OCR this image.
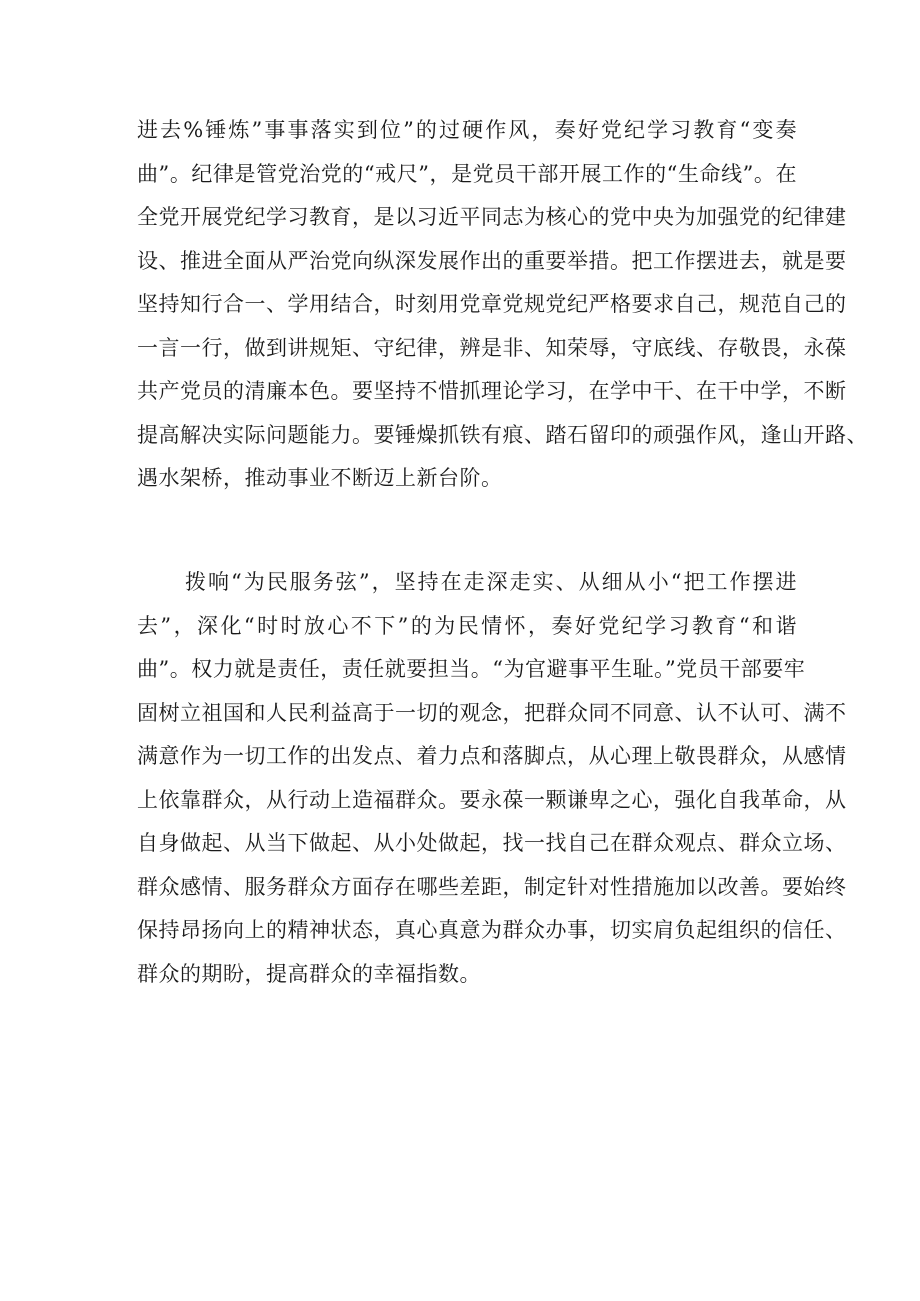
进去%锤炼”事事落实到位”的过硬作风，奏好党纪学习教育“变奏
曲”。纪律是管党治党的“戒尺”，是党员干部开展工作的“生命线”。在
全党开展党纪学习教育，是以习近平同志为核心的党中央为加强党的纪律建
设、推进全面从严治党向纵深发展作出的重要举措。把工作摆进去，就是要
坚持知行合一、学用结合，时刻用党章党规党纪严格要求自己，规范自己的
一言一行，做到讲规矩、守纪律，辨是非、知荣辱，守底线、存敬畏，永葆
共产党员的清廉本色。要坚持不惜抓理论学习，在学中干、在干中学，不断
提高解决实际问题能力。要锤燥抓铁有痕、踏石留印的顽强作风，逢山开路、
遇水架桥，推动事业不断迈上新台阶。
拨响“为民服务弦”，坚持在走深走实、从细从小“把工作摆进
去”，深化“时时放心不下”的为民情怀，奏好党纪学习教育“和谐
曲”。权力就是责任，责任就要担当。“为官避事平生耻。”党员干部要牢
固树立祖国和人民利益高于一切的观念，把群众同不同意、认不认可、满不
满意作为一切工作的出发点、着力点和落脚点，从心理上敬畏群众，从感情
上依靠群众，从行动上造福群众。要永葆一颗谦卑之心，强化自我革命，从
自身做起、从当下做起、从小处做起，找一找自己在群众观点、群众立场、
群众感情、服务群众方面存在哪些差距，制定针对性措施加以改善。要始终
保持昂扬向上的精神状态，真心真意为群众办事，切实肩负起组织的信任、
群众的期盼，提高群众的幸福指数。
